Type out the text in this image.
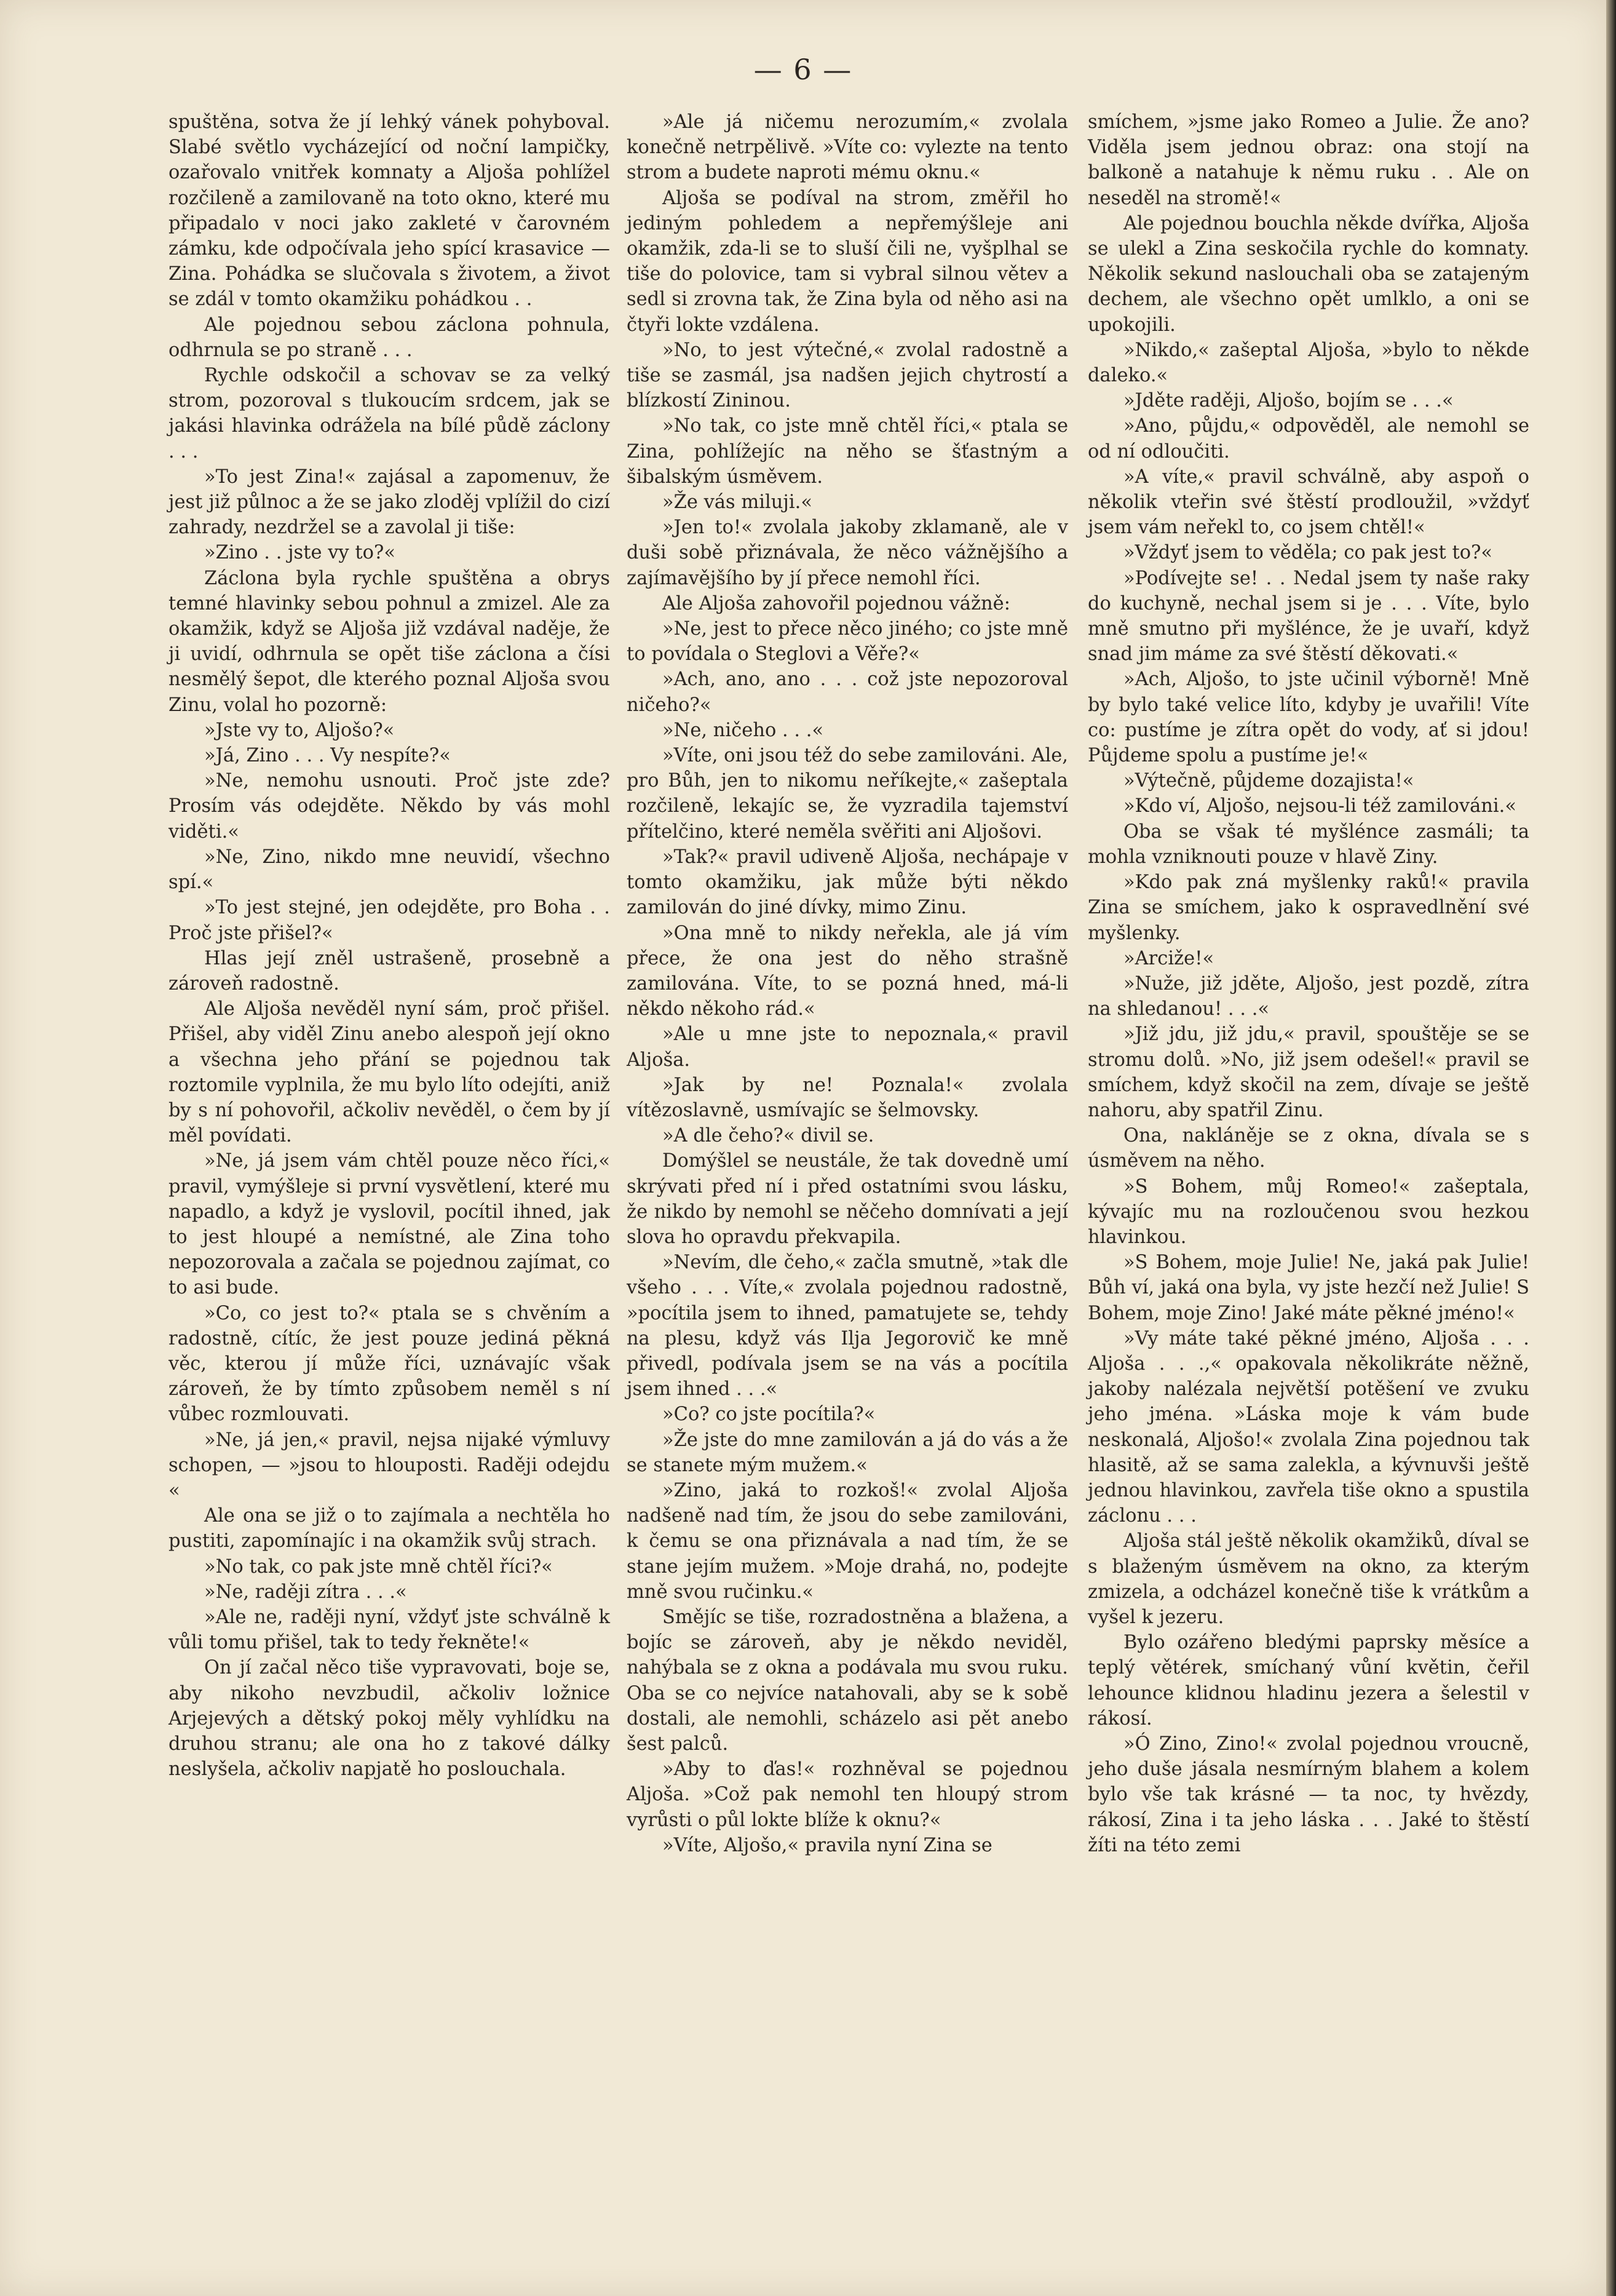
— 6 —

spuštěna, sotva že jí lehký vánek pohyboval. Slabé světlo vycházející od noční lampičky, ozařovalo vnitřek komnaty a Aljoša pohlížel rozčileně a zamilovaně na toto okno, které mu připadalo v noci jako zakleté v čarovném zámku, kde odpočívala jeho spící krasavice — Zina. Pohádka se slučovala s životem, a život se zdál v tomto okamžiku pohádkou . .

Ale pojednou sebou záclona pohnula, odhrnula se po straně . . .

Rychle odskočil a schovav se za velký strom, pozoroval s tlukoucím srdcem, jak se jakási hlavinka odrážela na bílé půdě záclony . . .

»To jest Zina!« zajásal a zapomenuv, že jest již půlnoc a že se jako zloděj vplížil do cizí zahrady, nezdržel se a zavolal ji tiše:

»Zino . . jste vy to?«

Záclona byla rychle spuštěna a obrys temné hlavinky sebou pohnul a zmizel. Ale za okamžik, když se Aljoša již vzdával naděje, že ji uvidí, odhrnula se opět tiše záclona a čísi nesmělý šepot, dle kterého poznal Aljoša svou Zinu, volal ho pozorně:

»Jste vy to, Aljošo?«

»Já, Zino . . . Vy nespíte?«

»Ne, nemohu usnouti. Proč jste zde? Prosím vás odejděte. Někdo by vás mohl viděti.«

»Ne, Zino, nikdo mne neuvidí, všechno spí.«

»To jest stejné, jen odejděte, pro Boha . . Proč jste přišel?«

Hlas její zněl ustrašeně, prosebně a zároveň radostně.

Ale Aljoša nevěděl nyní sám, proč přišel. Přišel, aby viděl Zinu anebo alespoň její okno a všechna jeho přání se pojednou tak roztomile vyplnila, že mu bylo líto odejíti, aniž by s ní pohovořil, ačkoliv nevěděl, o čem by jí měl povídati.

»Ne, já jsem vám chtěl pouze něco říci,« pravil, vymýšleje si první vysvětlení, které mu napadlo, a když je vyslovil, pocítil ihned, jak to jest hloupé a nemístné, ale Zina toho nepozorovala a začala se pojednou zajímat, co to asi bude.

»Co, co jest to?« ptala se s chvěním a radostně, cítíc, že jest pouze jediná pěkná věc, kterou jí může říci, uznávajíc však zároveň, že by tímto způsobem neměl s ní vůbec rozmlouvati.

»Ne, já jen,« pravil, nejsa nijaké výmluvy schopen, — »jsou to hlouposti. Raději odejdu «

Ale ona se již o to zajímala a nechtěla ho pustiti, zapomínajíc i na okamžik svůj strach.

»No tak, co pak jste mně chtěl říci?«

»Ne, raději zítra . . .«

»Ale ne, raději nyní, vždyť jste schválně k vůli tomu přišel, tak to tedy řekněte!«

On jí začal něco tiše vypravovati, boje se, aby nikoho nevzbudil, ačkoliv ložnice Arjejevých a dětský pokoj měly vyhlídku na druhou stranu; ale ona ho z takové dálky neslyšela, ačkoliv napjatě ho poslouchala.

»Ale já ničemu nerozumím,« zvolala konečně netrpělivě. »Víte co: vylezte na tento strom a budete naproti mému oknu.«

Aljoša se podíval na strom, změřil ho jediným pohledem a nepřemýšleje ani okamžik, zda-li se to sluší čili ne, vyšplhal se tiše do polovice, tam si vybral silnou větev a sedl si zrovna tak, že Zina byla od něho asi na čtyři lokte vzdálena.

»No, to jest výtečné,« zvolal radostně a tiše se zasmál, jsa nadšen jejich chytrostí a blízkostí Zininou.

»No tak, co jste mně chtěl říci,« ptala se Zina, pohlížejíc na něho se šťastným a šibalským úsměvem.

»Že vás miluji.«

»Jen to!« zvolala jakoby zklamaně, ale v duši sobě přiznávala, že něco vážnějšího a zajímavějšího by jí přece nemohl říci.

Ale Aljoša zahovořil pojednou vážně:

»Ne, jest to přece něco jiného; co jste mně to povídala o Steglovi a Věře?«

»Ach, ano, ano . . . což jste nepozoroval ničeho?«

»Ne, ničeho . . .«

»Víte, oni jsou též do sebe zamilováni. Ale, pro Bůh, jen to nikomu neříkejte,« zašeptala rozčileně, lekajíc se, že vyzradila tajemství přítelčino, které neměla svěřiti ani Aljošovi.

»Tak?« pravil udiveně Aljoša, nechápaje v tomto okamžiku, jak může býti někdo zamilován do jiné dívky, mimo Zinu.

»Ona mně to nikdy neřekla, ale já vím přece, že ona jest do něho strašně zamilována. Víte, to se pozná hned, má-li někdo někoho rád.«

»Ale u mne jste to nepoznala,« pravil Aljoša.

»Jak by ne! Poznala!« zvolala vítězoslavně, usmívajíc se šelmovsky.

»A dle čeho?« divil se.

Domýšlel se neustále, že tak dovedně umí skrývati před ní i před ostatními svou lásku, že nikdo by nemohl se něčeho domnívati a její slova ho opravdu překvapila.

»Nevím, dle čeho,« začla smutně, »tak dle všeho . . . Víte,« zvolala pojednou radostně, »pocítila jsem to ihned, pamatujete se, tehdy na plesu, když vás Ilja Jegorovič ke mně přivedl, podívala jsem se na vás a pocítila jsem ihned . . .«

»Co? co jste pocítila?«

»Že jste do mne zamilován a já do vás a že se stanete mým mužem.«

»Zino, jaká to rozkoš!« zvolal Aljoša nadšeně nad tím, že jsou do sebe zamilováni, k čemu se ona přiznávala a nad tím, že se stane jejím mužem. »Moje drahá, no, podejte mně svou ručinku.«

Smějíc se tiše, rozradostněna a blažena, a bojíc se zároveň, aby je někdo neviděl, nahýbala se z okna a podávala mu svou ruku. Oba se co nejvíce natahovali, aby se k sobě dostali, ale nemohli, scházelo asi pět anebo šest palců.

»Aby to ďas!« rozhněval se pojednou Aljoša. »Což pak nemohl ten hloupý strom vyrůsti o půl lokte blíže k oknu?«

»Víte, Aljošo,« pravila nyní Zina se

smíchem, »jsme jako Romeo a Julie. Že ano? Viděla jsem jednou obraz: ona stojí na balkoně a natahuje k němu ruku . . Ale on neseděl na stromě!«

Ale pojednou bouchla někde dvířka, Aljoša se ulekl a Zina seskočila rychle do komnaty. Několik sekund naslouchali oba se zatajeným dechem, ale všechno opět umlklo, a oni se upokojili.

»Nikdo,« zašeptal Aljoša, »bylo to někde daleko.«

»Jděte raději, Aljošo, bojím se . . .«

»Ano, půjdu,« odpověděl, ale nemohl se od ní odloučiti.

»A víte,« pravil schválně, aby aspoň o několik vteřin své štěstí prodloužil, »vždyť jsem vám neřekl to, co jsem chtěl!«

»Vždyť jsem to věděla; co pak jest to?«

»Podívejte se! . . Nedal jsem ty naše raky do kuchyně, nechal jsem si je . . . Víte, bylo mně smutno při myšlénce, že je uvaří, když snad jim máme za své štěstí děkovati.«

»Ach, Aljošo, to jste učinil výborně! Mně by bylo také velice líto, kdyby je uvařili! Víte co: pustíme je zítra opět do vody, ať si jdou! Půjdeme spolu a pustíme je!«

»Výtečně, půjdeme dozajista!«

»Kdo ví, Aljošo, nejsou-li též zamilováni.«

Oba se však té myšlénce zasmáli; ta mohla vzniknouti pouze v hlavě Ziny.

»Kdo pak zná myšlenky raků!« pravila Zina se smíchem, jako k ospravedlnění své myšlenky.

»Arciže!«

»Nuže, již jděte, Aljošo, jest pozdě, zítra na shledanou! . . .«

»Již jdu, již jdu,« pravil, spouštěje se se stromu dolů. »No, již jsem odešel!« pravil se smíchem, když skočil na zem, dívaje se ještě nahoru, aby spatřil Zinu.

Ona, nakláněje se z okna, dívala se s úsměvem na něho.

»S Bohem, můj Romeo!« zašeptala, kývajíc mu na rozloučenou svou hezkou hlavinkou.

»S Bohem, moje Julie! Ne, jaká pak Julie! Bůh ví, jaká ona byla, vy jste hezčí než Julie! S Bohem, moje Zino! Jaké máte pěkné jméno!«

»Vy máte také pěkné jméno, Aljoša . . . Aljoša . . .,« opakovala několikráte něžně, jakoby nalézala největší potěšení ve zvuku jeho jména. »Láska moje k vám bude neskonalá, Aljošo!« zvolala Zina pojednou tak hlasitě, až se sama zalekla, a kývnuvši ještě jednou hlavinkou, zavřela tiše okno a spustila záclonu . . .

Aljoša stál ještě několik okamžiků, díval se s blaženým úsměvem na okno, za kterým zmizela, a odcházel konečně tiše k vrátkům a vyšel k jezeru.

Bylo ozářeno bledými paprsky měsíce a teplý větérek, smíchaný vůní květin, čeřil lehounce klidnou hladinu jezera a šelestil v rákosí.

»Ó Zino, Zino!« zvolal pojednou vroucně, jeho duše jásala nesmírným blahem a kolem bylo vše tak krásné — ta noc, ty hvězdy, rákosí, Zina i ta jeho láska . . . Jaké to štěstí žíti na této zemi
